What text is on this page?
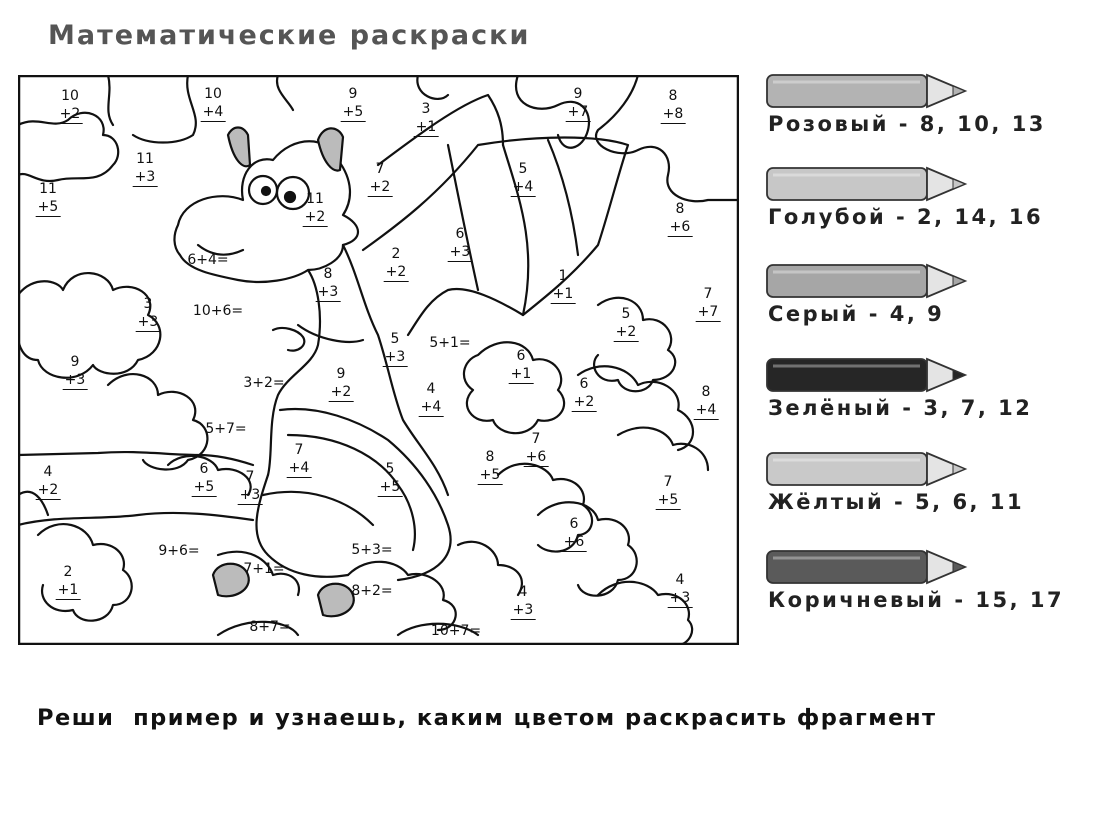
Математические раскраски
10
+2
10
+4
9
+5	3
+1
9
+7
8
+8
11
+3
11
+5
7
+2
11
+2
5
+4
6
+3
8
+6
2
+2
8
+3
1
+1	7
+7
3
+3	5
+2
5
+3
9
+3
6
+1
9
+2	4
+4
6
+2
8
+4
7
+6
4
+2
6
+5
7
+3
7
+4	5
+5
8
+5	7
+5
6
+6
2
+1	4
+3
4
+3
6+4=
10+6=
5+1=
3+2=
5+7=
9+6=	5+3=
7+1=
8+2=
8+7=	10+7=
Розовый - 8, 10, 13
Голубой - 2, 14, 16
Серый - 4, 9
Зелёный - 3, 7, 12
Жёлтый - 5, 6, 11
Коричневый - 15, 17
Реши  пример и узнаешь, каким цветом раскрасить фрагмент
